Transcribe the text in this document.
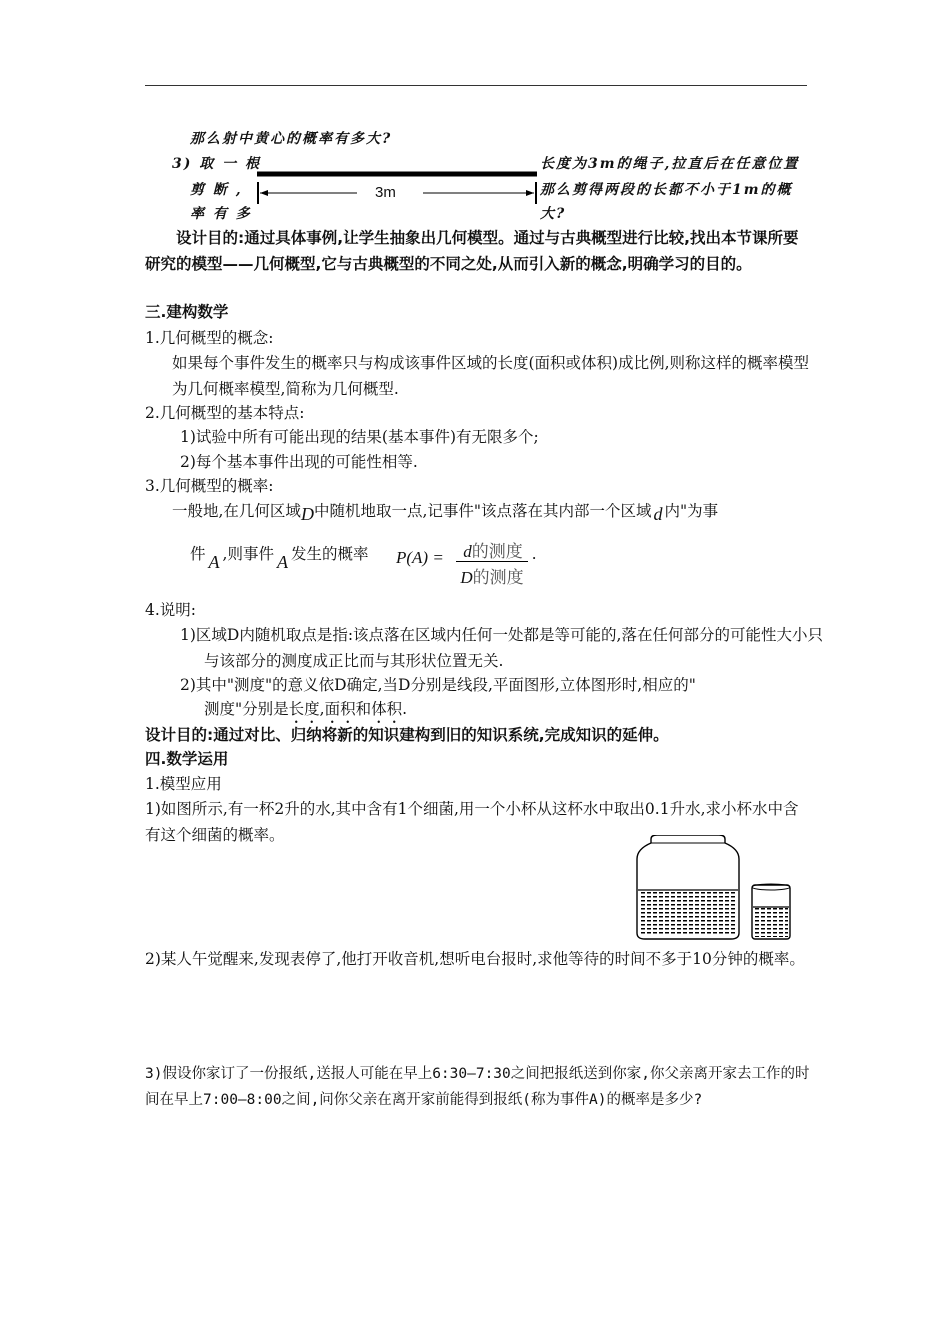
那么射中黄心的概率有多大?
3) 取 一 根
剪 断 ,
率 有 多
长度为3m的绳子,拉直后在任意位置
那么剪得两段的长都不小于1m的概
大?
3m
设计目的:通过具体事例,让学生抽象出几何模型。通过与古典概型进行比较,找出本节课所要研究的模型——几何概型,它与古典概型的不同之处,从而引入新的概念,明确学习的目的。
三.建构数学
1.几何概型的概念:
如果每个事件发生的概率只与构成该事件区域的长度(面积或体积)成比例,则称这样的概率模型为几何概率模型,简称为几何概型.
2.几何概型的基本特点:
1)试验中所有可能出现的结果(基本事件)有无限多个;
2)每个基本事件出现的可能性相等.
3.几何概型的概率:
一般地,在几何区域D中随机地取一点,记事件"该点落在其内部一个区域 d 内"为事
件 A ,则事件 A 发生的概率 P(A) =	d的测度
D的测度
.
4.说明:
1)区域D内随机取点是指:该点落在区域内任何一处都是等可能的,落在任何部分的可能性大小只与该部分的测度成正比而与其形状位置无关.
2)其中"测度"的意义依D确定,当D分别是线段,平面图形,立体图形时,相应的"
测度"分别是长度,面积和体积.
设计目的:通过对比、归纳将新的知识建构到旧的知识系统,完成知识的延伸。
四.数学运用
1.模型应用
1)如图所示,有一杯2升的水,其中含有1个细菌,用一个小杯从这杯水中取出0.1升水,求小杯水中含有这个细菌的概率。
2)某人午觉醒来,发现表停了,他打开收音机,想听电台报时,求他等待的时间不多于10分钟的概率。
3)假设你家订了一份报纸,送报人可能在早上6:30—7:30之间把报纸送到你家,你父亲离开家去工作的时间在早上7:00—8:00之间,问你父亲在离开家前能得到报纸(称为事件A)的概率是多少?
